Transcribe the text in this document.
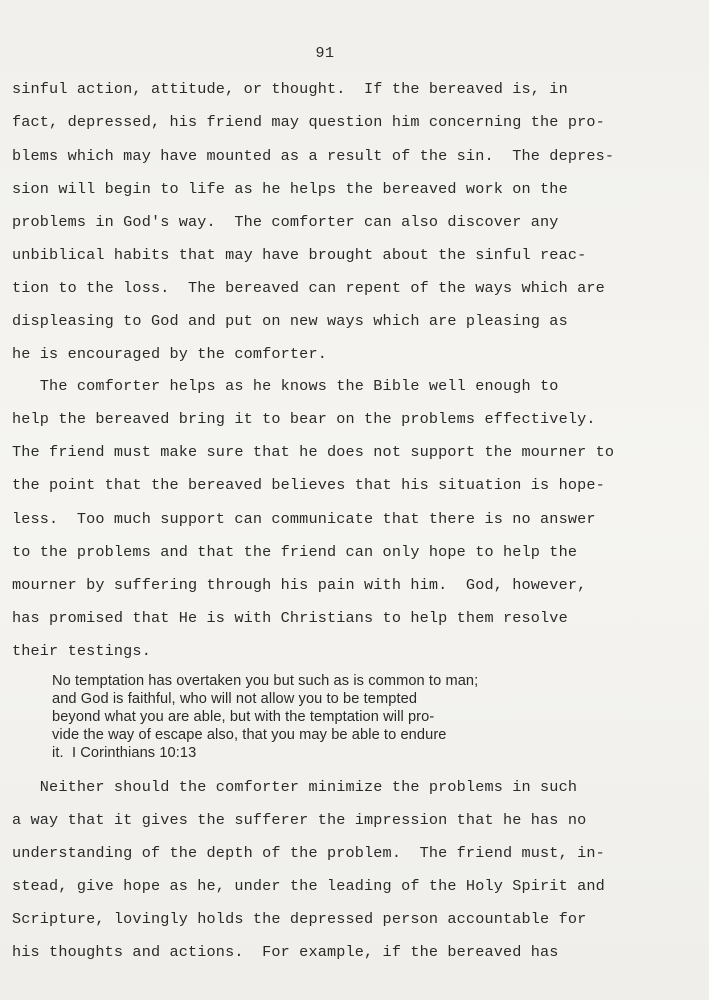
91
sinful action, attitude, or thought.  If the bereaved is, in
fact, depressed, his friend may question him concerning the pro-
blems which may have mounted as a result of the sin.  The depres-
sion will begin to life as he helps the bereaved work on the
problems in God's way.  The comforter can also discover any
unbiblical habits that may have brought about the sinful reac-
tion to the loss.  The bereaved can repent of the ways which are
displeasing to God and put on new ways which are pleasing as
he is encouraged by the comforter.
The comforter helps as he knows the Bible well enough to
help the bereaved bring it to bear on the problems effectively.
The friend must make sure that he does not support the mourner to
the point that the bereaved believes that his situation is hope-
less.  Too much support can communicate that there is no answer
to the problems and that the friend can only hope to help the
mourner by suffering through his pain with him.  God, however,
has promised that He is with Christians to help them resolve
their testings.
No temptation has overtaken you but such as is common to man;
and God is faithful, who will not allow you to be tempted
beyond what you are able, but with the temptation will pro-
vide the way of escape also, that you may be able to endure
it.  I Corinthians 10:13
Neither should the comforter minimize the problems in such
a way that it gives the sufferer the impression that he has no
understanding of the depth of the problem.  The friend must, in-
stead, give hope as he, under the leading of the Holy Spirit and
Scripture, lovingly holds the depressed person accountable for
his thoughts and actions.  For example, if the bereaved has
